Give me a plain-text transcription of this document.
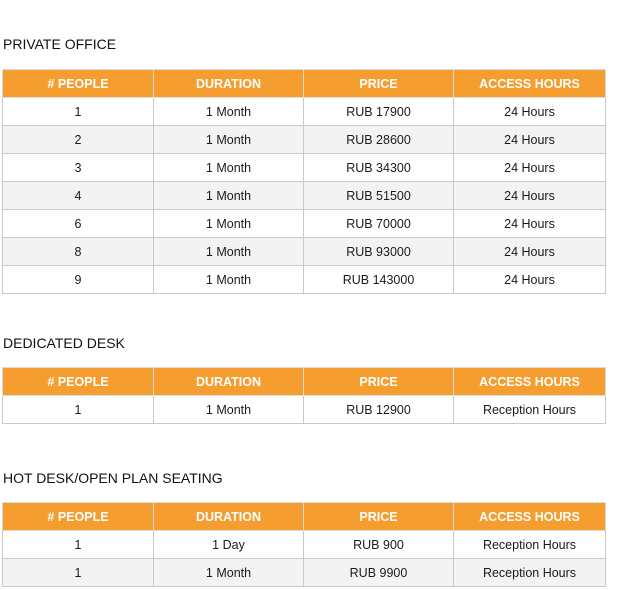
PRIVATE OFFICE
# PEOPLE	DURATION	PRICE	ACCESS HOURS
1	1 Month	RUB 17900	24 Hours
2	1 Month	RUB 28600	24 Hours
3	1 Month	RUB 34300	24 Hours
4	1 Month	RUB 51500	24 Hours
6	1 Month	RUB 70000	24 Hours
8	1 Month	RUB 93000	24 Hours
9	1 Month	RUB 143000	24 Hours
DEDICATED DESK
# PEOPLE	DURATION	PRICE	ACCESS HOURS
1	1 Month	RUB 12900	Reception Hours
HOT DESK/OPEN PLAN SEATING
# PEOPLE	DURATION	PRICE	ACCESS HOURS
1	1 Day	RUB 900	Reception Hours
1	1 Month	RUB 9900	Reception Hours
